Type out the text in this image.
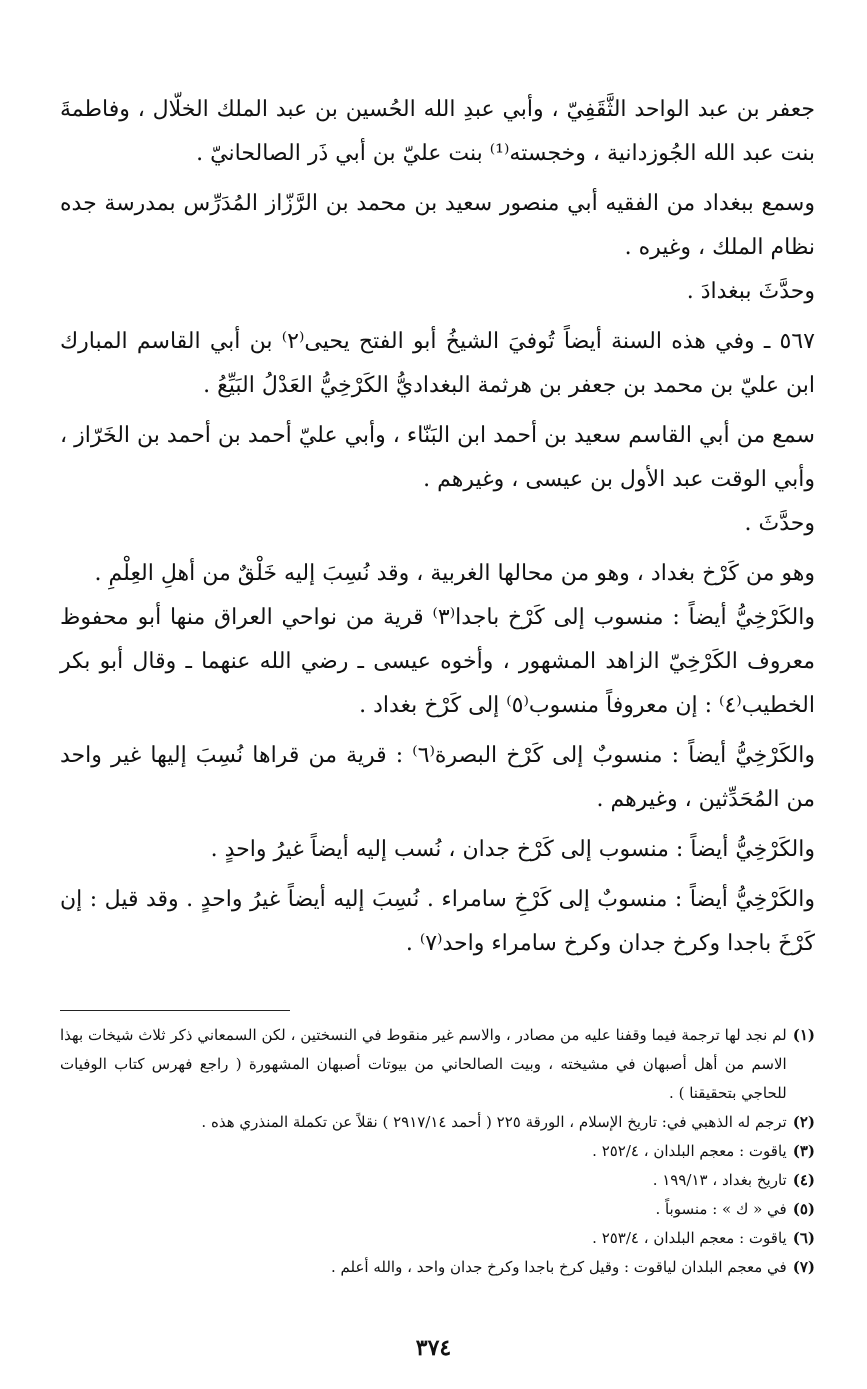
جعفر بن عبد الواحد الثَّقَفِيّ ، وأبي عبدِ الله الحُسين بن عبد الملك الخلّال ، وفاطمةَ بنت عبد الله الجُوزدانية ، وخجسته⁽¹⁾ بنت عليّ بن أبي ذَر الصالحانيّ .

وسمع ببغداد من الفقيه أبي منصور سعيد بن محمد بن الرَّزّاز المُدَرِّس بمدرسة جده نظام الملك ، وغيره .

وحدَّثَ ببغدادَ .

٥٦٧ ـ وفي هذه السنة أيضاً تُوفيَ الشيخُ أبو الفتح يحيى⁽٢⁾ بن أبي القاسم المبارك ابن عليّ بن محمد بن جعفر بن هرثمة البغداديُّ الكَرْخِيُّ العَدْلُ البَيِّعُ .

سمع من أبي القاسم سعيد بن أحمد ابن البَنّاء ، وأبي عليّ أحمد بن أحمد بن الخَرّاز ، وأبي الوقت عبد الأول بن عيسى ، وغيرهم .

وحدَّثَ .

وهو من كَرْخ بغداد ، وهو من محالها الغربية ، وقد نُسِبَ إليه خَلْقٌ من أهلِ العِلْمِ .

والكَرْخِيُّ أيضاً : منسوب إلى كَرْخ باجدا⁽٣⁾ قرية من نواحي العراق منها أبو محفوظ معروف الكَرْخِيّ الزاهد المشهور ، وأخوه عيسى ـ رضي الله عنهما ـ وقال أبو بكر الخطيب⁽٤⁾ : إن معروفاً منسوب⁽٥⁾ إلى كَرْخ بغداد .

والكَرْخِيُّ أيضاً : منسوبٌ إلى كَرْخ البصرة⁽٦⁾ : قرية من قراها نُسِبَ إليها غير واحد من المُحَدِّثين ، وغيرهم .

والكَرْخِيُّ أيضاً : منسوب إلى كَرْخ جدان ، نُسب إليه أيضاً غيرُ واحدٍ .

والكَرْخِيُّ أيضاً : منسوبٌ إلى كَرْخِ سامراء . نُسِبَ إليه أيضاً غيرُ واحدٍ . وقد قيل : إن كَرْخَ باجدا وكرخ جدان وكرخ سامراء واحد⁽٧⁾ .

(١)
لم نجد لها ترجمة فيما وقفنا عليه من مصادر ، والاسم غير منقوط في النسختين ، لكن السمعاني ذكر ثلاث شيخات بهذا الاسم من أهل أصبهان في مشيخته ، وبيت الصالحاني من بيوتات أصبهان المشهورة ( راجع فهرس كتاب الوفيات للحاجي بتحقيقنا ) .
(٢)
ترجم له الذهبي في: تاريخ الإسلام ، الورقة ٢٢٥ ( أحمد ٢٩١٧/١٤ ) نقلاً عن تكملة المنذري هذه .
(٣)
ياقوت : معجم البلدان ، ٢٥٢/٤ .
(٤)
تاريخ بغداد ، ١٩٩/١٣ .
(٥)
في « ك » : منسوباً .
(٦)
ياقوت : معجم البلدان ، ٢٥٣/٤ .
(٧)
في معجم البلدان لياقوت : وقيل كرخ باجدا وكرخ جدان واحد ، والله أعلم .
٣٧٤
